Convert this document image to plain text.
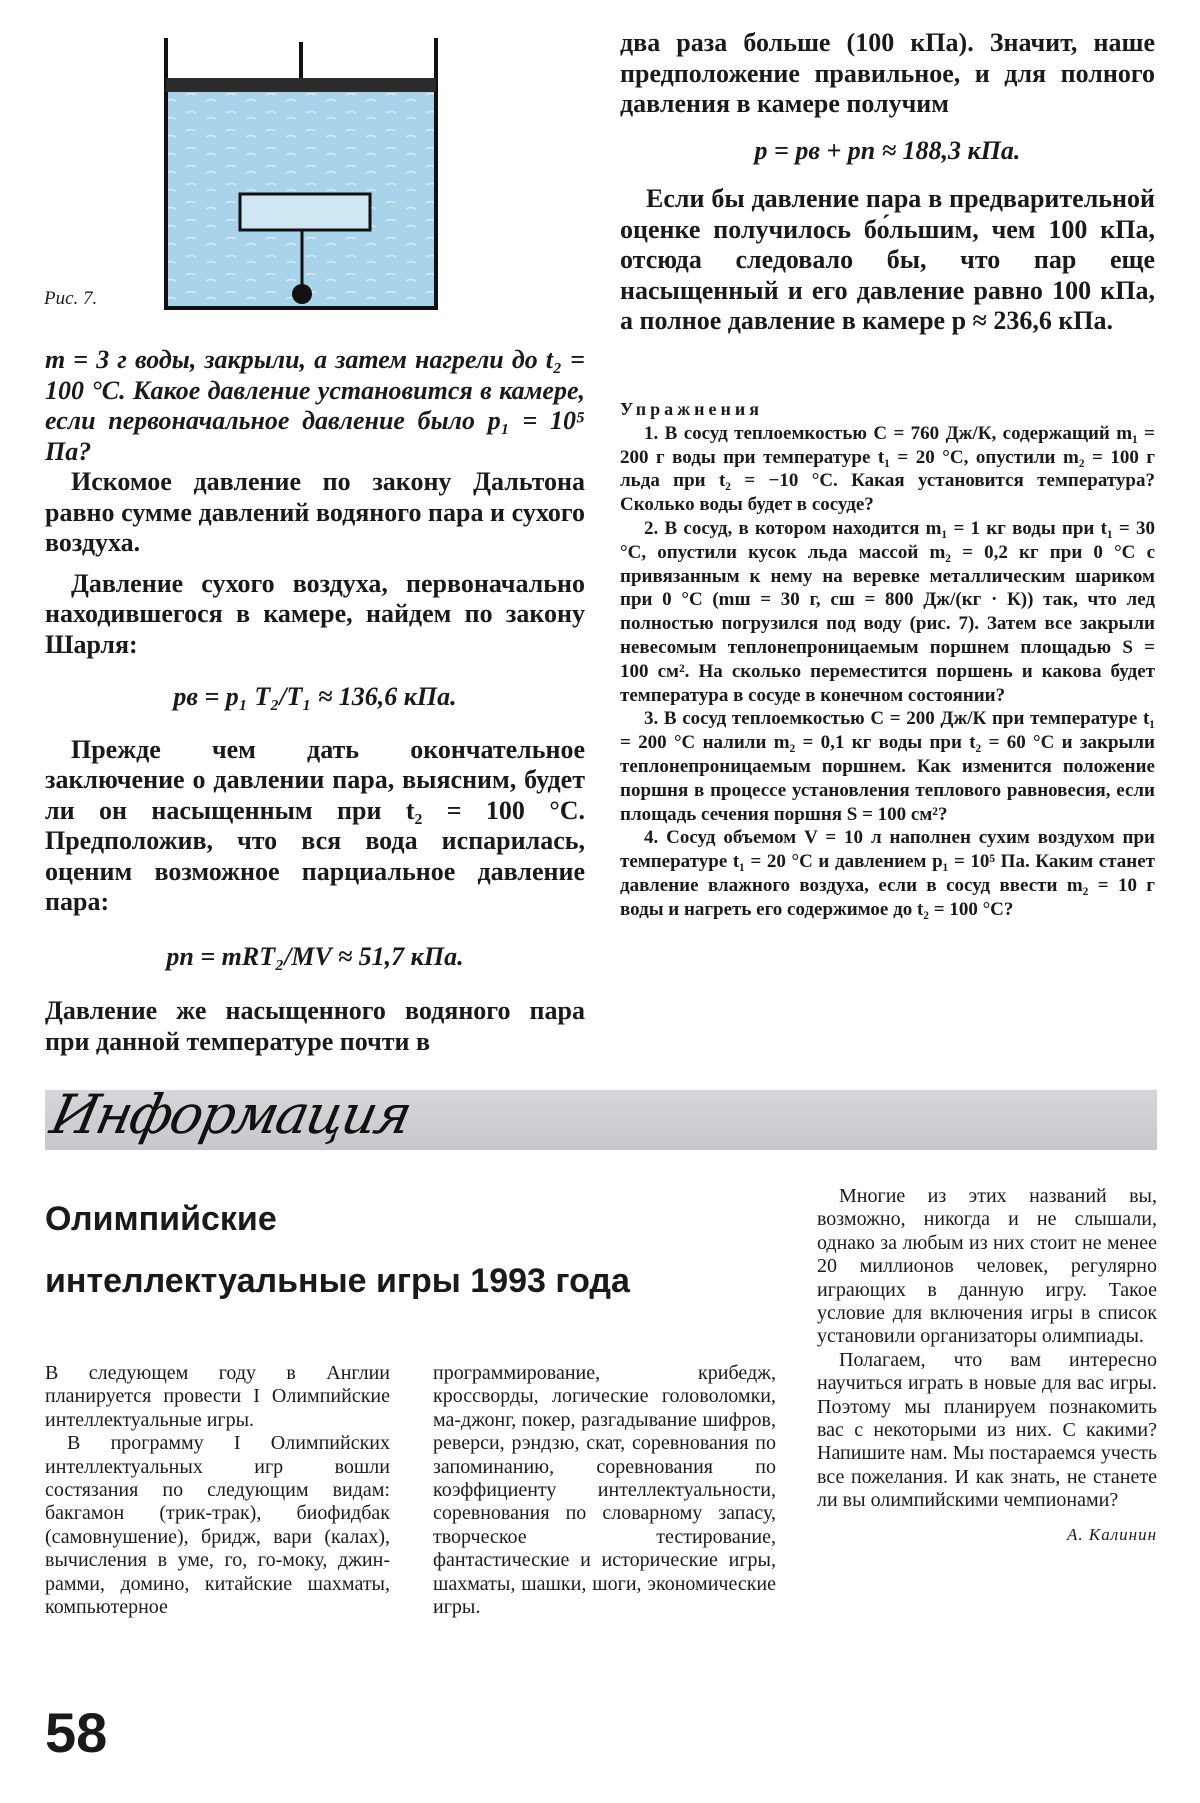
Рис. 7.

m = 3 г воды, закрыли, а затем нагрели до t₂ = 100 °С. Какое давление установится в камере, если первоначальное давление было p₁ = 10⁵ Па?

Искомое давление по закону Дальтона равно сумме давлений водяного пара и сухого воздуха.

Давление сухого воздуха, первоначально находившегося в камере, найдем по закону Шарля:

pв = p₁ T₂/T₁ ≈ 136,6 кПа.

Прежде чем дать окончательное заключение о давлении пара, выясним, будет ли он насыщенным при t₂ = 100 °С. Предположив, что вся вода испарилась, оценим возможное парциальное давление пара:

pп = mRT₂/MV ≈ 51,7 кПа.

Давление же насыщенного водяного пара при данной температуре почти в

два раза больше (100 кПа). Значит, наше предположение правильное, и для полного давления в камере получим

p = pв + pп ≈ 188,3 кПа.

Если бы давление пара в предварительной оценке получилось бо́льшим, чем 100 кПа, отсюда следовало бы, что пар еще насыщенный и его давление равно 100 кПа, а полное давление в камере p ≈ 236,6 кПа.

Упражнения

1. В сосуд теплоемкостью C = 760 Дж/К, содержащий m₁ = 200 г воды при температуре t₁ = 20 °С, опустили m₂ = 100 г льда при t₂ = −10 °С. Какая установится температура? Сколько воды будет в сосуде?

2. В сосуд, в котором находится m₁ = 1 кг воды при t₁ = 30 °С, опустили кусок льда массой m₂ = 0,2 кг при 0 °С с привязанным к нему на веревке металлическим шариком при 0 °С (mш = 30 г, cш = 800 Дж/(кг · К)) так, что лед полностью погрузился под воду (рис. 7). Затем все закрыли невесомым теплонепроницаемым поршнем площадью S = 100 см². На сколько переместится поршень и какова будет температура в сосуде в конечном состоянии?

3. В сосуд теплоемкостью C = 200 Дж/К при температуре t₁ = 200 °С налили m₂ = 0,1 кг воды при t₂ = 60 °С и закрыли теплонепроницаемым поршнем. Как изменится положение поршня в процессе установления теплового равновесия, если площадь сечения поршня S = 100 см²?

4. Сосуд объемом V = 10 л наполнен сухим воздухом при температуре t₁ = 20 °С и давлением p₁ = 10⁵ Па. Каким станет давление влажного воздуха, если в сосуд ввести m₂ = 10 г воды и нагреть его содержимое до t₂ = 100 °С?

Информация
Олимпийские
интеллектуальные игры 1993 года

В следующем году в Англии планируется провести I Олимпийские интеллектуальные игры.

В программу I Олимпийских интеллектуальных игр вошли состязания по следующим видам: бакгамон (трик-трак), биофидбак (самовнушение), бридж, вари (калах), вычисления в уме, го, го-моку, джин-рамми, домино, китайские шахматы, компьютерное

программирование, крибедж, кроссворды, логические головоломки, ма-джонг, покер, разгадывание шифров, реверси, рэндзю, скат, соревнования по запоминанию, соревнования по коэффициенту интеллектуальности, соревнования по словарному запасу, творческое тестирование, фантастические и исторические игры, шахматы, шашки, шоги, экономические игры.

Многие из этих названий вы, возможно, никогда и не слышали, однако за любым из них стоит не менее 20 миллионов человек, регулярно играющих в данную игру. Такое условие для включения игры в список установили организаторы олимпиады.

Полагаем, что вам интересно научиться играть в новые для вас игры. Поэтому мы планируем познакомить вас с некоторыми из них. С какими? Напишите нам. Мы постараемся учесть все пожелания. И как знать, не станете ли вы олимпийскими чемпионами?

А. Калинин

58
